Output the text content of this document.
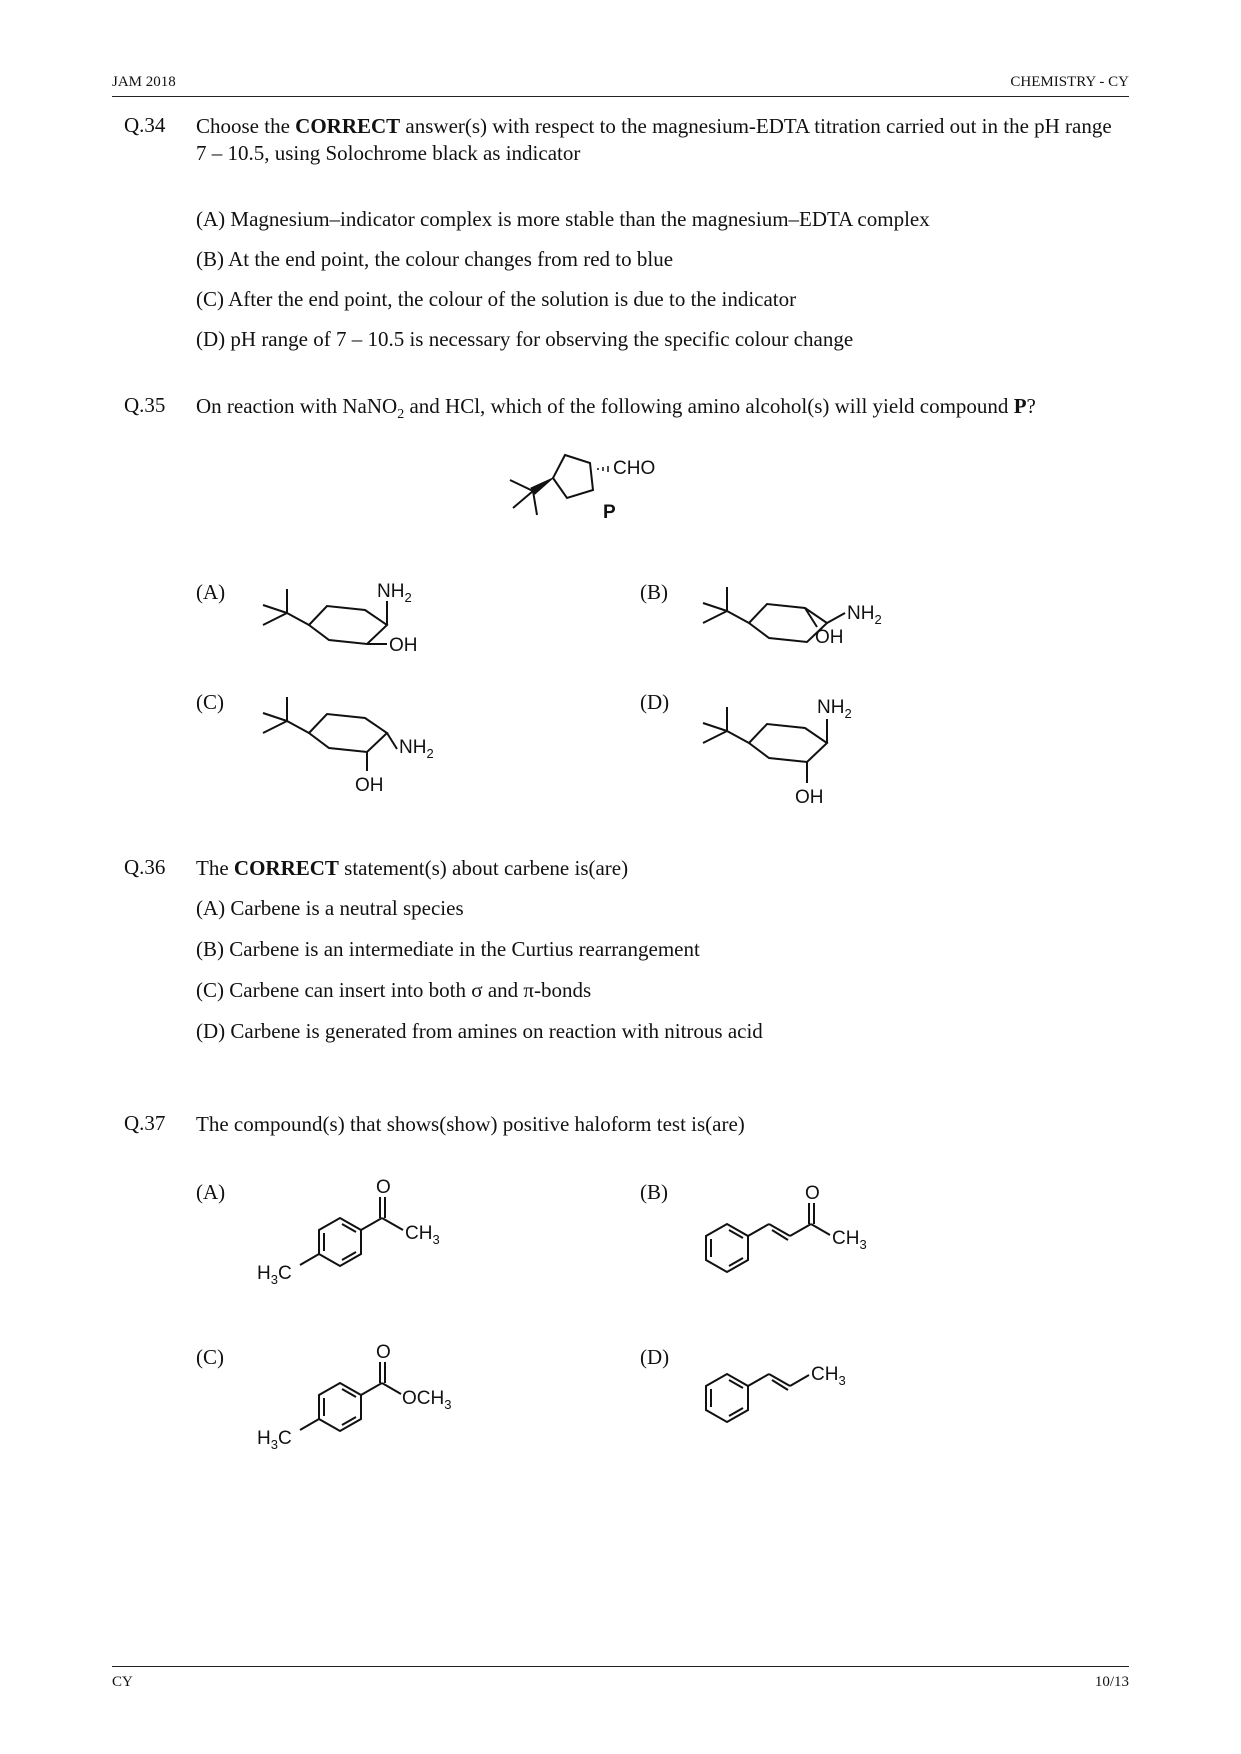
JAM 2018	CHEMISTRY - CY
Q.34 Choose the CORRECT answer(s) with respect to the magnesium-EDTA titration carried out in the pH range 7 – 10.5, using Solochrome black as indicator
(A) Magnesium–indicator complex is more stable than the magnesium–EDTA complex
(B) At the end point, the colour changes from red to blue
(C) After the end point, the colour of the solution is due to the indicator
(D) pH range of 7 – 10.5 is necessary for observing the specific colour change
Q.35 On reaction with NaNO$_2$ and HCl, which of the following amino alcohol(s) will yield compound P?
CHO
P
(A)	(B)
(C)	(D)
$NH_2$
OH
$NH_2$
OH
$NH_2$
OH
$NH_2$
OH
Q.36 The CORRECT statement(s) about carbene is(are)
(A) Carbene is a neutral species
(B) Carbene is an intermediate in the Curtius rearrangement
(C) Carbene can insert into both σ and π-bonds
(D) Carbene is generated from amines on reaction with nitrous acid
Q.37 The compound(s) that shows(show) positive haloform test is(are)
(A)	(B)
(C)	(D)
O
$CH_3$
$H_3C$
O
$CH_3$
O
$OCH_3$
$H_3C$
$CH_3$
CY	10/13
